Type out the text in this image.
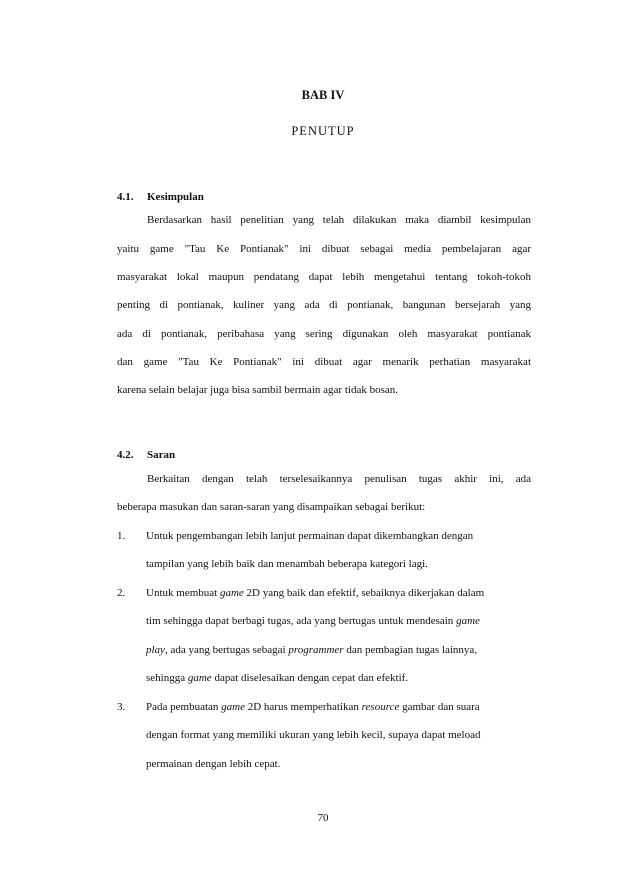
BAB IV
PENUTUP
4.1. Kesimpulan
Berdasarkan hasil penelitian yang telah dilakukan maka diambil kesimpulan
yaitu game "Tau Ke Pontianak" ini dibuat sebagai media pembelajaran agar
masyarakat lokal maupun pendatang dapat lebih mengetahui tentang tokoh-tokoh
penting di pontianak, kuliner yang ada di pontianak, bangunan bersejarah yang
ada di pontianak, peribahasa yang sering digunakan oleh masyarakat pontianak
dan game "Tau Ke Pontianak" ini dibuat agar menarik perhatian masyarakat
karena selain belajar juga bisa sambil bermain agar tidak bosan.
4.2. Saran
Berkaitan dengan telah terselesaikannya penulisan tugas akhir ini, ada
beberapa masukan dan saran-saran yang disampaikan sebagai berikut:
1. Untuk pengembangan lebih lanjut permainan dapat dikembangkan dengan
tampilan yang lebih baik dan menambah beberapa kategori lagi.
2. Untuk membuat game 2D yang baik dan efektif, sebaiknya dikerjakan dalam
tim sehingga dapat berbagi tugas, ada yang bertugas untuk mendesain game
play, ada yang bertugas sebagai programmer dan pembagian tugas lainnya,
sehingga game dapat diselesaikan dengan cepat dan efektif.
3. Pada pembuatan game 2D harus memperhatikan resource gambar dan suara
dengan format yang memiliki ukuran yang lebih kecil, supaya dapat meload
permainan dengan lebih cepat.
70
